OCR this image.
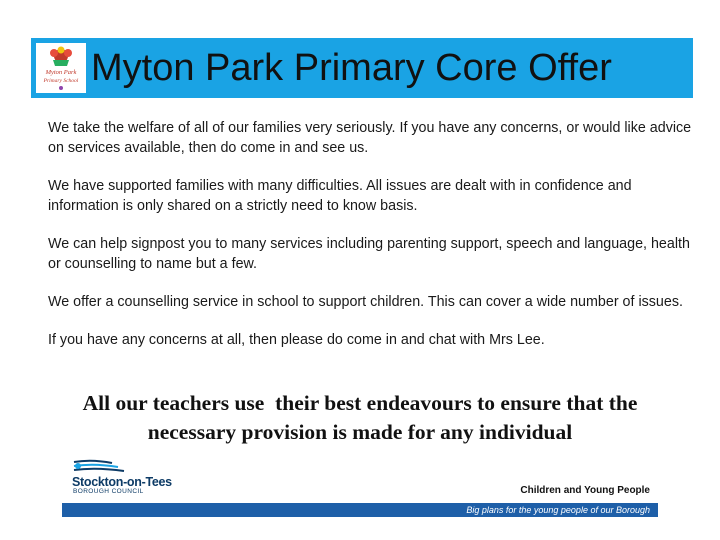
Myton Park
Primary School Myton Park Primary Core Offer

We take the welfare of all of our families very seriously. If you have any concerns, or would like advice on services available, then do come in and see us.

We have supported families with many difficulties. All issues are dealt with in confidence and information is only shared on a strictly need to know basis.

We can help signpost you to many services including parenting support, speech and language, health or counselling to name but a few.

We offer a counselling service in school to support children. This can cover a wide number of issues.

If you have any concerns at all, then please do come in and chat with Mrs Lee.

All our teachers use  their best endeavours to ensure that the necessary provision is made for any individual
Stockton-on-Tees
BOROUGH COUNCIL	Children and Young People
Big plans for the young people of our Borough
